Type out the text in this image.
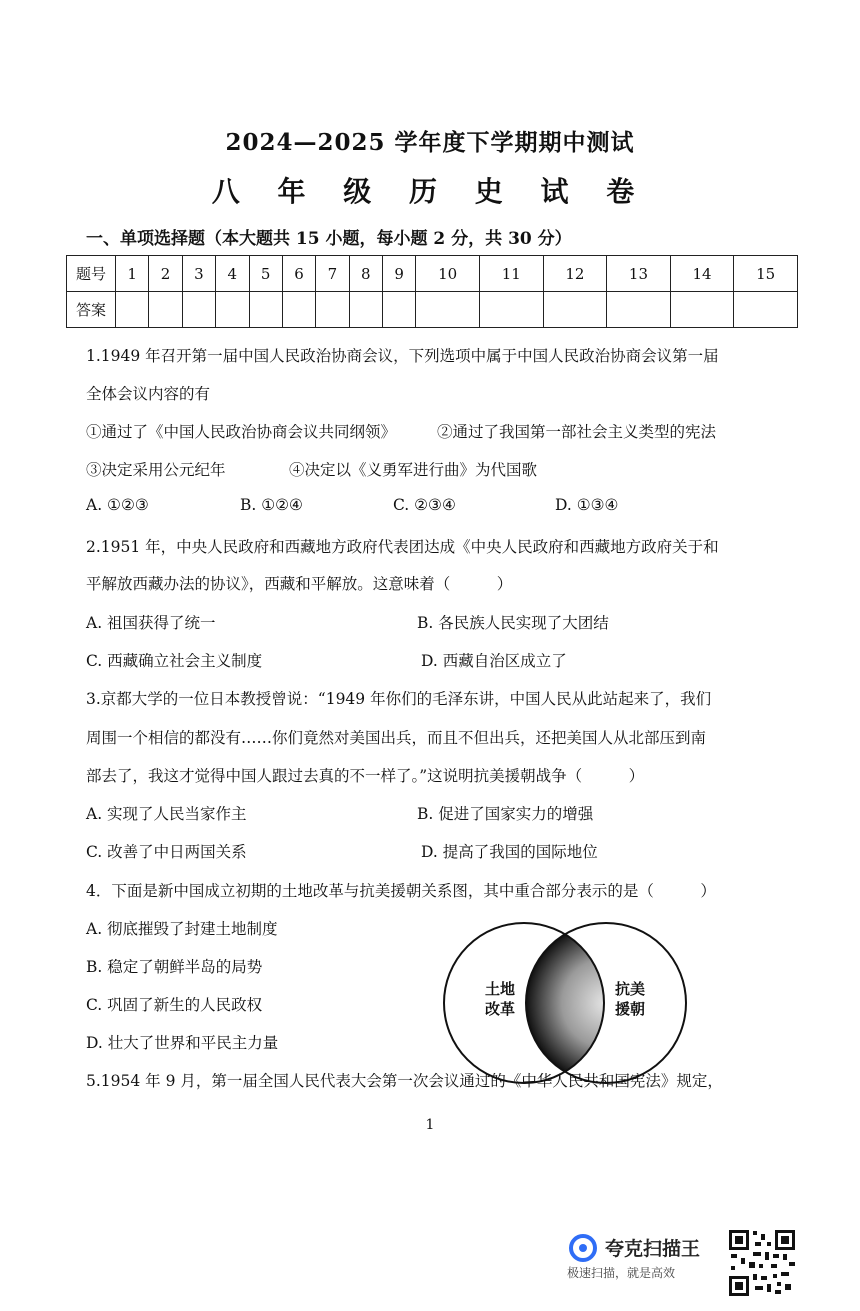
2024—2025 学年度下学期期中测试
八 年 级 历 史 试 卷
一、单项选择题（本大题共 15 小题，每小题 2 分，共 30 分）
题号	1	2	3	4	5	6	7	8	9	10	11	12	13	14	15
答案															
1.1949 年召开第一届中国人民政治协商会议，下列选项中属于中国人民政治协商会议第一届
全体会议内容的有
①通过了《中国人民政治协商会议共同纲领》	②通过了我国第一部社会主义类型的宪法
③决定采用公元纪年	④决定以《义勇军进行曲》为代国歌
A. ①②③	B. ①②④	C. ②③④	D. ①③④
2.1951 年，中央人民政府和西藏地方政府代表团达成《中央人民政府和西藏地方政府关于和
平解放西藏办法的协议》，西藏和平解放。这意味着（　　　）
A. 祖国获得了统一	B. 各民族人民实现了大团结
C. 西藏确立社会主义制度	D. 西藏自治区成立了
3.京都大学的一位日本教授曾说：“1949 年你们的毛泽东讲，中国人民从此站起来了，我们
周围一个相信的都没有……你们竟然对美国出兵，而且不但出兵，还把美国人从北部压到南
部去了，我这才觉得中国人跟过去真的不一样了。”这说明抗美援朝战争（　　　）
A. 实现了人民当家作主	B. 促进了国家实力的增强
C. 改善了中日两国关系	D. 提高了我国的国际地位
4．下面是新中国成立初期的土地改革与抗美援朝关系图，其中重合部分表示的是（　　　）
A. 彻底摧毁了封建土地制度
B. 稳定了朝鲜半岛的局势
C. 巩固了新生的人民政权
D. 壮大了世界和平民主力量
土地
改革
抗美
援朝
5.1954 年 9 月，第一届全国人民代表大会第一次会议通过的《中华人民共和国宪法》规定，
1
夸克扫描王
极速扫描，就是高效
